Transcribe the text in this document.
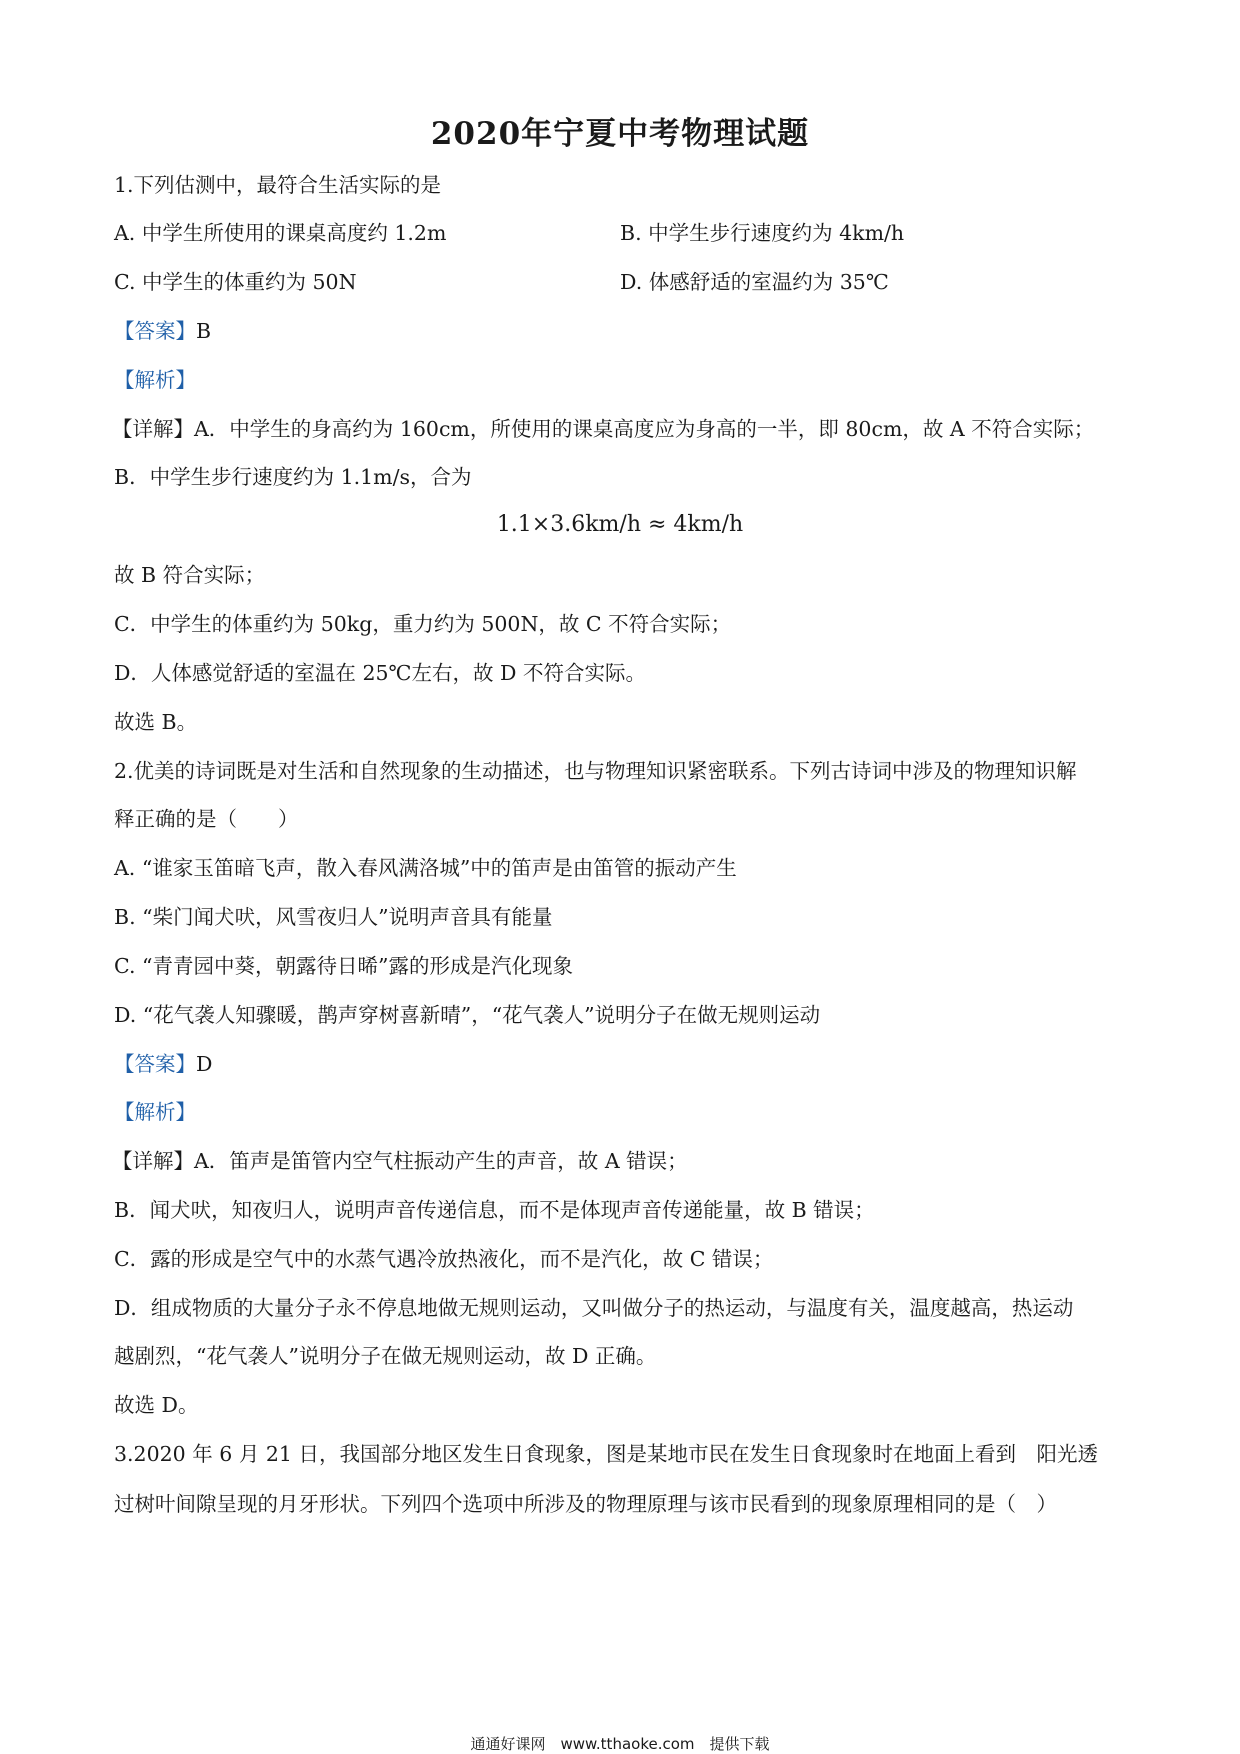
2020年宁夏中考物理试题
1.下列估测中，最符合生活实际的是
A. 中学生所使用的课桌高度约 1.2m	B. 中学生步行速度约为 4km/h
C. 中学生的体重约为 50N	D. 体感舒适的室温约为 35℃
【答案】B
【解析】
【详解】A．中学生的身高约为 160cm，所使用的课桌高度应为身高的一半，即 80cm，故 A 不符合实际；
B．中学生步行速度约为 1.1m/s，合为
1.1×3.6km/h ≈ 4km/h
故 B 符合实际；
C．中学生的体重约为 50kg，重力约为 500N，故 C 不符合实际；
D．人体感觉舒适的室温在 25℃左右，故 D 不符合实际。
故选 B。
2.优美的诗词既是对生活和自然现象的生动描述，也与物理知识紧密联系。下列古诗词中涉及的物理知识解
释正确的是（　　）
A. “谁家玉笛暗飞声，散入春风满洛城”中的笛声是由笛管的振动产生
B. “柴门闻犬吠，风雪夜归人”说明声音具有能量
C. “青青园中葵，朝露待日晞”露的形成是汽化现象
D. “花气袭人知骤暖，鹊声穿树喜新晴”，“花气袭人”说明分子在做无规则运动
【答案】D
【解析】
【详解】A．笛声是笛管内空气柱振动产生的声音，故 A 错误；
B．闻犬吠，知夜归人，说明声音传递信息，而不是体现声音传递能量，故 B 错误；
C．露的形成是空气中的水蒸气遇冷放热液化，而不是汽化，故 C 错误；
D．组成物质的大量分子永不停息地做无规则运动，又叫做分子的热运动，与温度有关，温度越高，热运动
越剧烈，“花气袭人”说明分子在做无规则运动，故 D 正确。
故选 D。
3.2020 年 6 月 21 日，我国部分地区发生日食现象，图是某地市民在发生日食现象时在地面上看到　阳光透
过树叶间隙呈现的月牙形状。下列四个选项中所涉及的物理原理与该市民看到的现象原理相同的是（　）
通通好课网　www.tthaoke.com　提供下载
